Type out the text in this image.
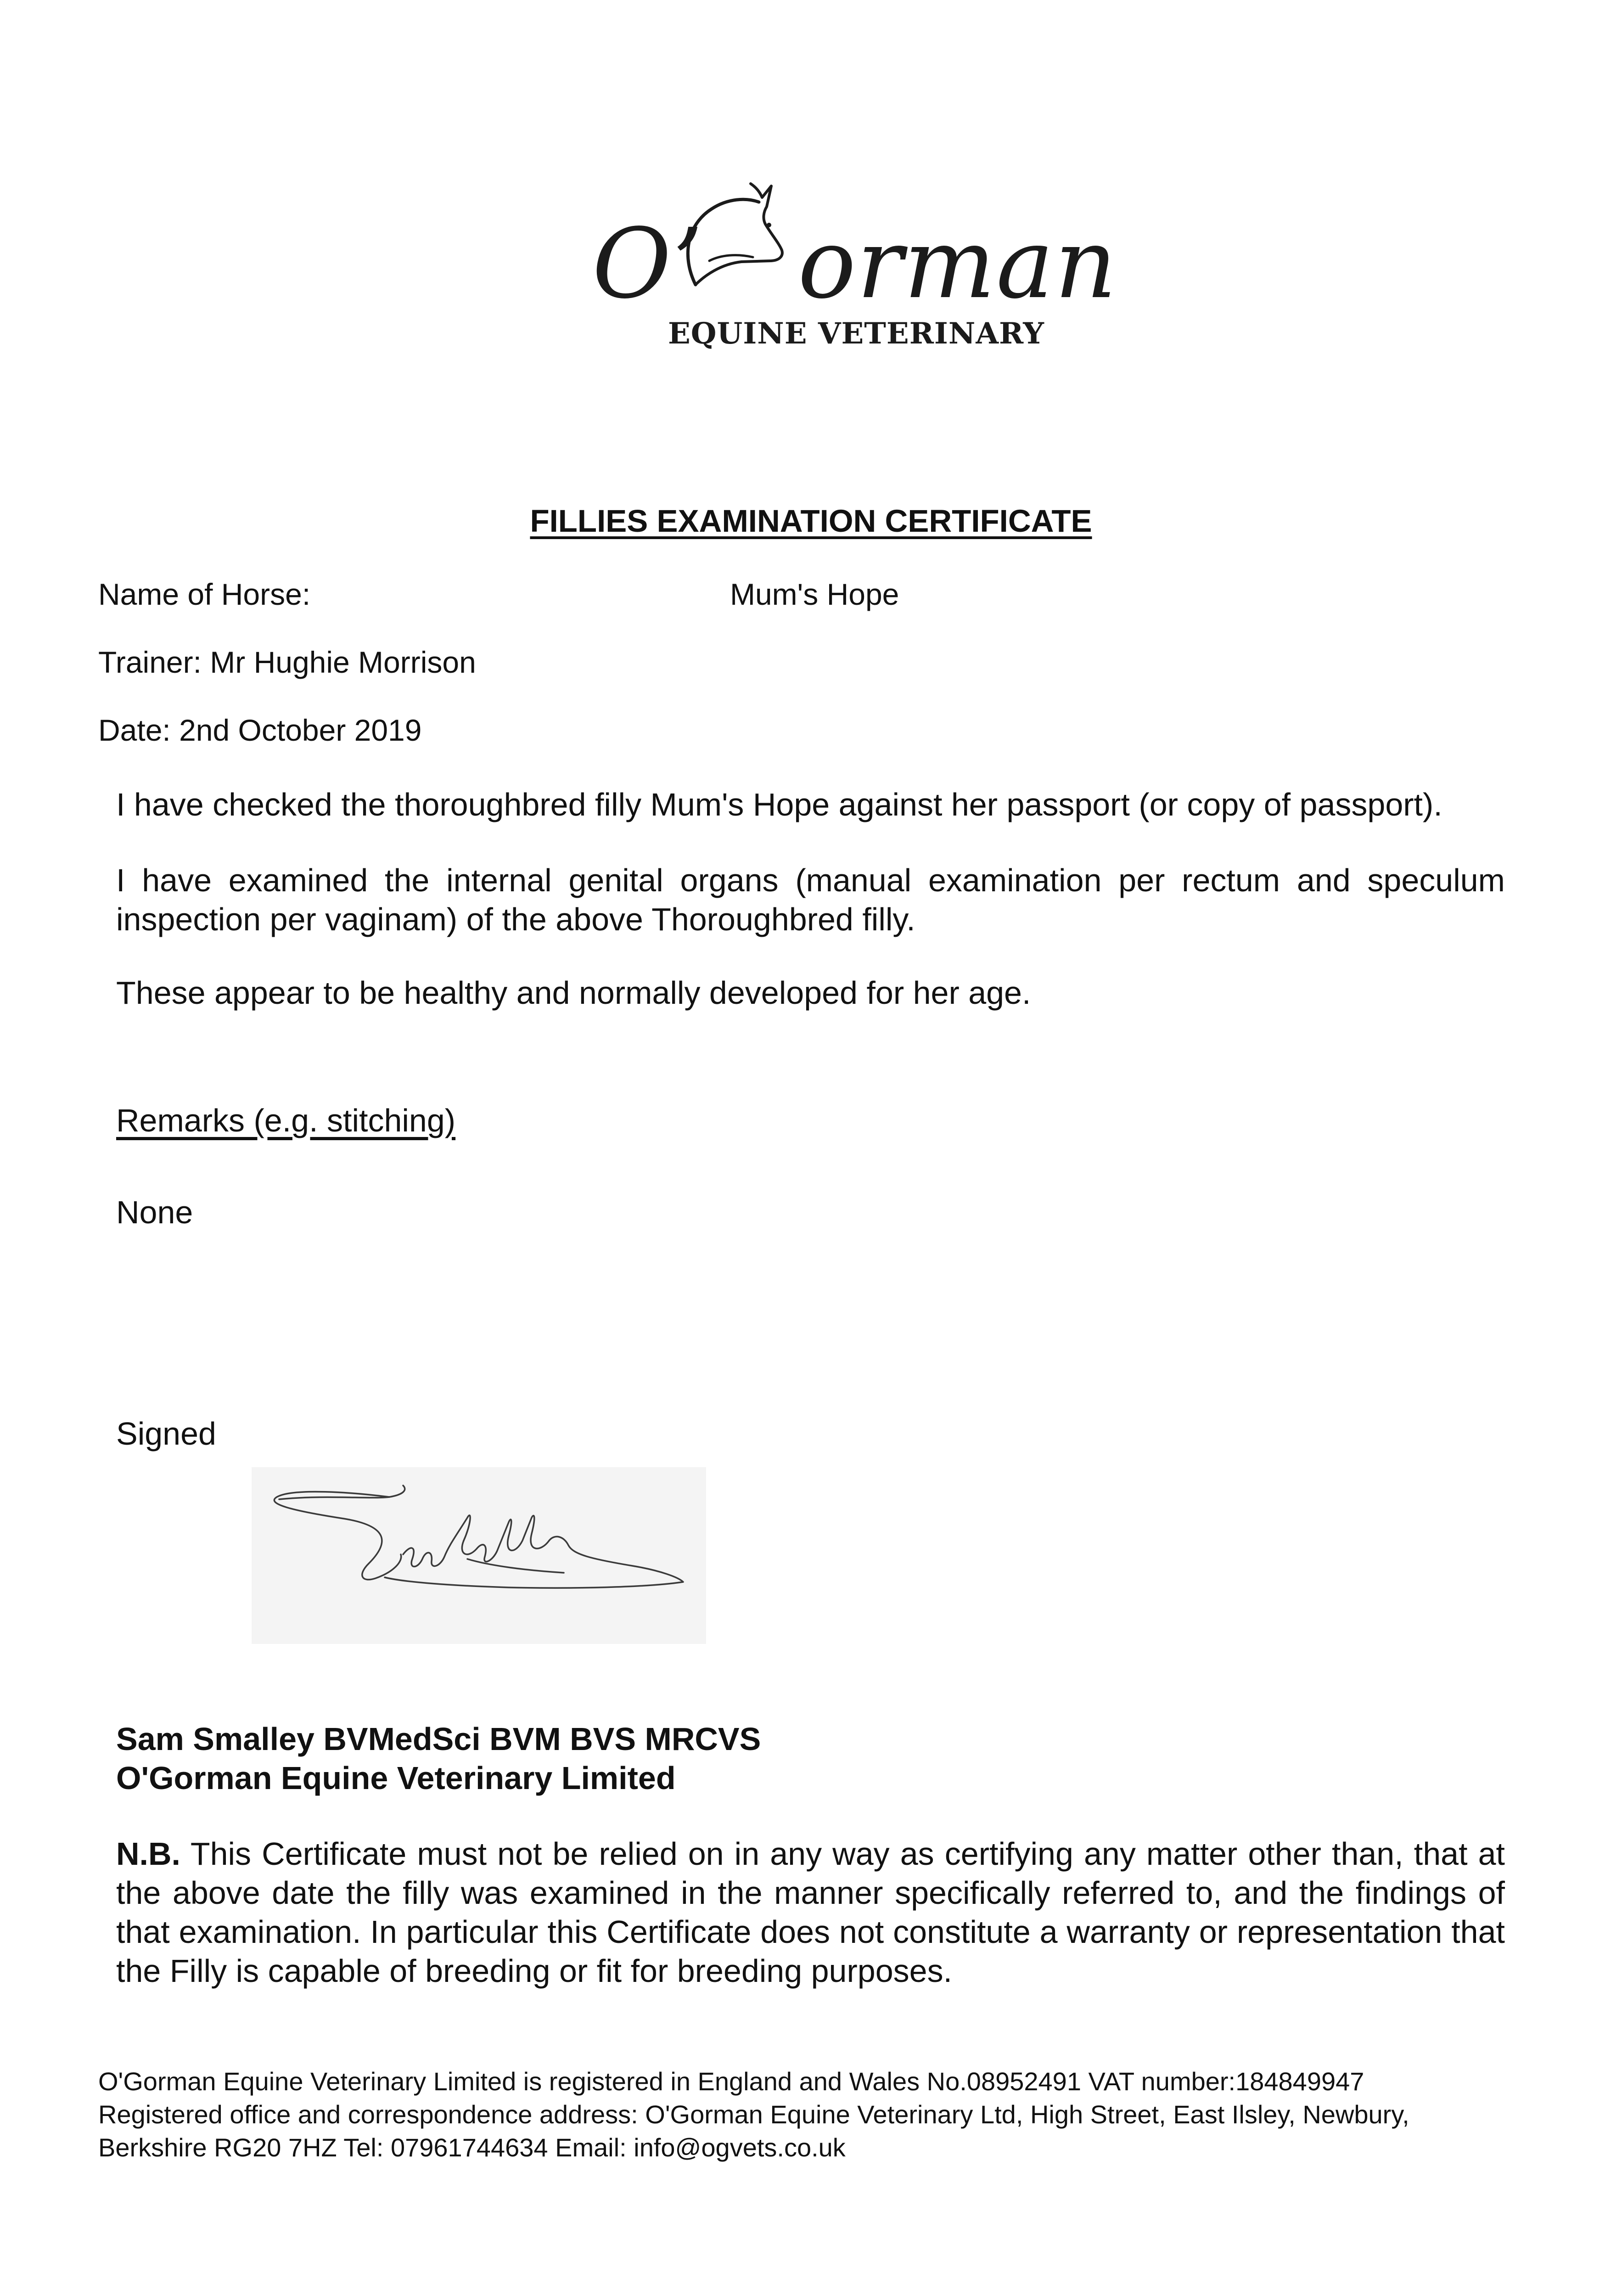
O’ orman
EQUINE VETERINARY
FILLIES EXAMINATION CERTIFICATE
Name of Horse:	Mum's Hope
Trainer: Mr Hughie Morrison
Date: 2nd October 2019
I have checked the thoroughbred filly Mum's Hope against her passport (or copy of passport).
I have examined the internal genital organs (manual examination per rectum and speculum inspection per vaginam) of the above Thoroughbred filly.
These appear to be healthy and normally developed for her age.
Remarks (e.g. stitching)
None
Signed
Sam Smalley BVMedSci BVM BVS MRCVS
O'Gorman Equine Veterinary Limited
N.B. This Certificate must not be relied on in any way as certifying any matter other than, that at the above date the filly was examined in the manner specifically referred to, and the findings of that examination. In particular this Certificate does not constitute a warranty or representation that the Filly is capable of breeding or fit for breeding purposes.
O'Gorman Equine Veterinary Limited is registered in England and Wales No.08952491 VAT number:184849947
Registered office and correspondence address: O'Gorman Equine Veterinary Ltd, High Street, East Ilsley, Newbury,
Berkshire RG20 7HZ Tel: 07961744634 Email: info@ogvets.co.uk
